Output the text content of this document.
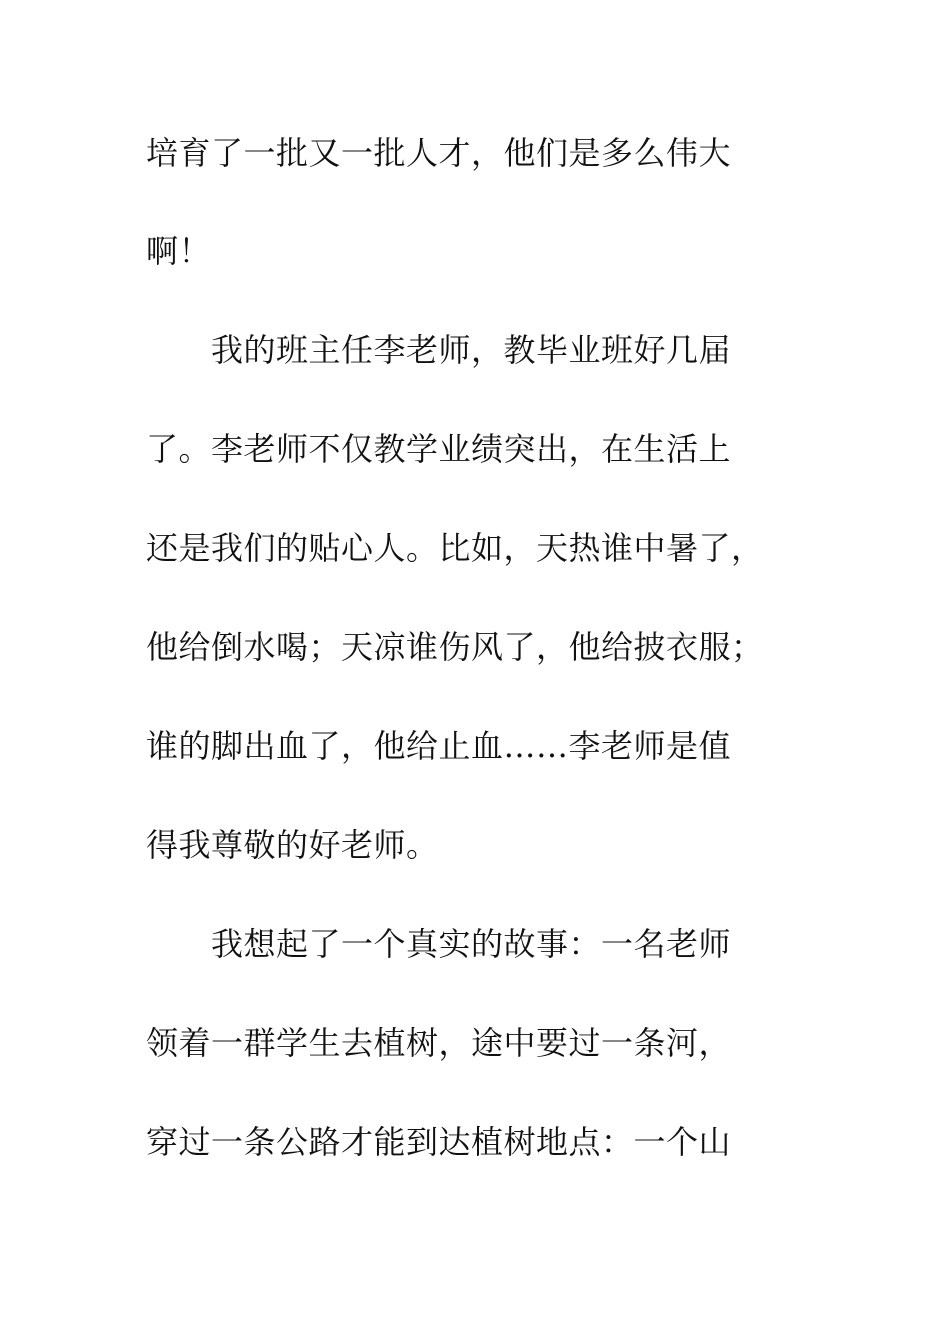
培育了一批又一批人才，他们是多么伟大

啊！

　　我的班主任李老师，教毕业班好几届

了。李老师不仅教学业绩突出，在生活上

还是我们的贴心人。比如，天热谁中暑了，

他给倒水喝；天凉谁伤风了，他给披衣服；

谁的脚出血了，他给止血……李老师是值

得我尊敬的好老师。

　　我想起了一个真实的故事：一名老师

领着一群学生去植树，途中要过一条河，

穿过一条公路才能到达植树地点：一个山
